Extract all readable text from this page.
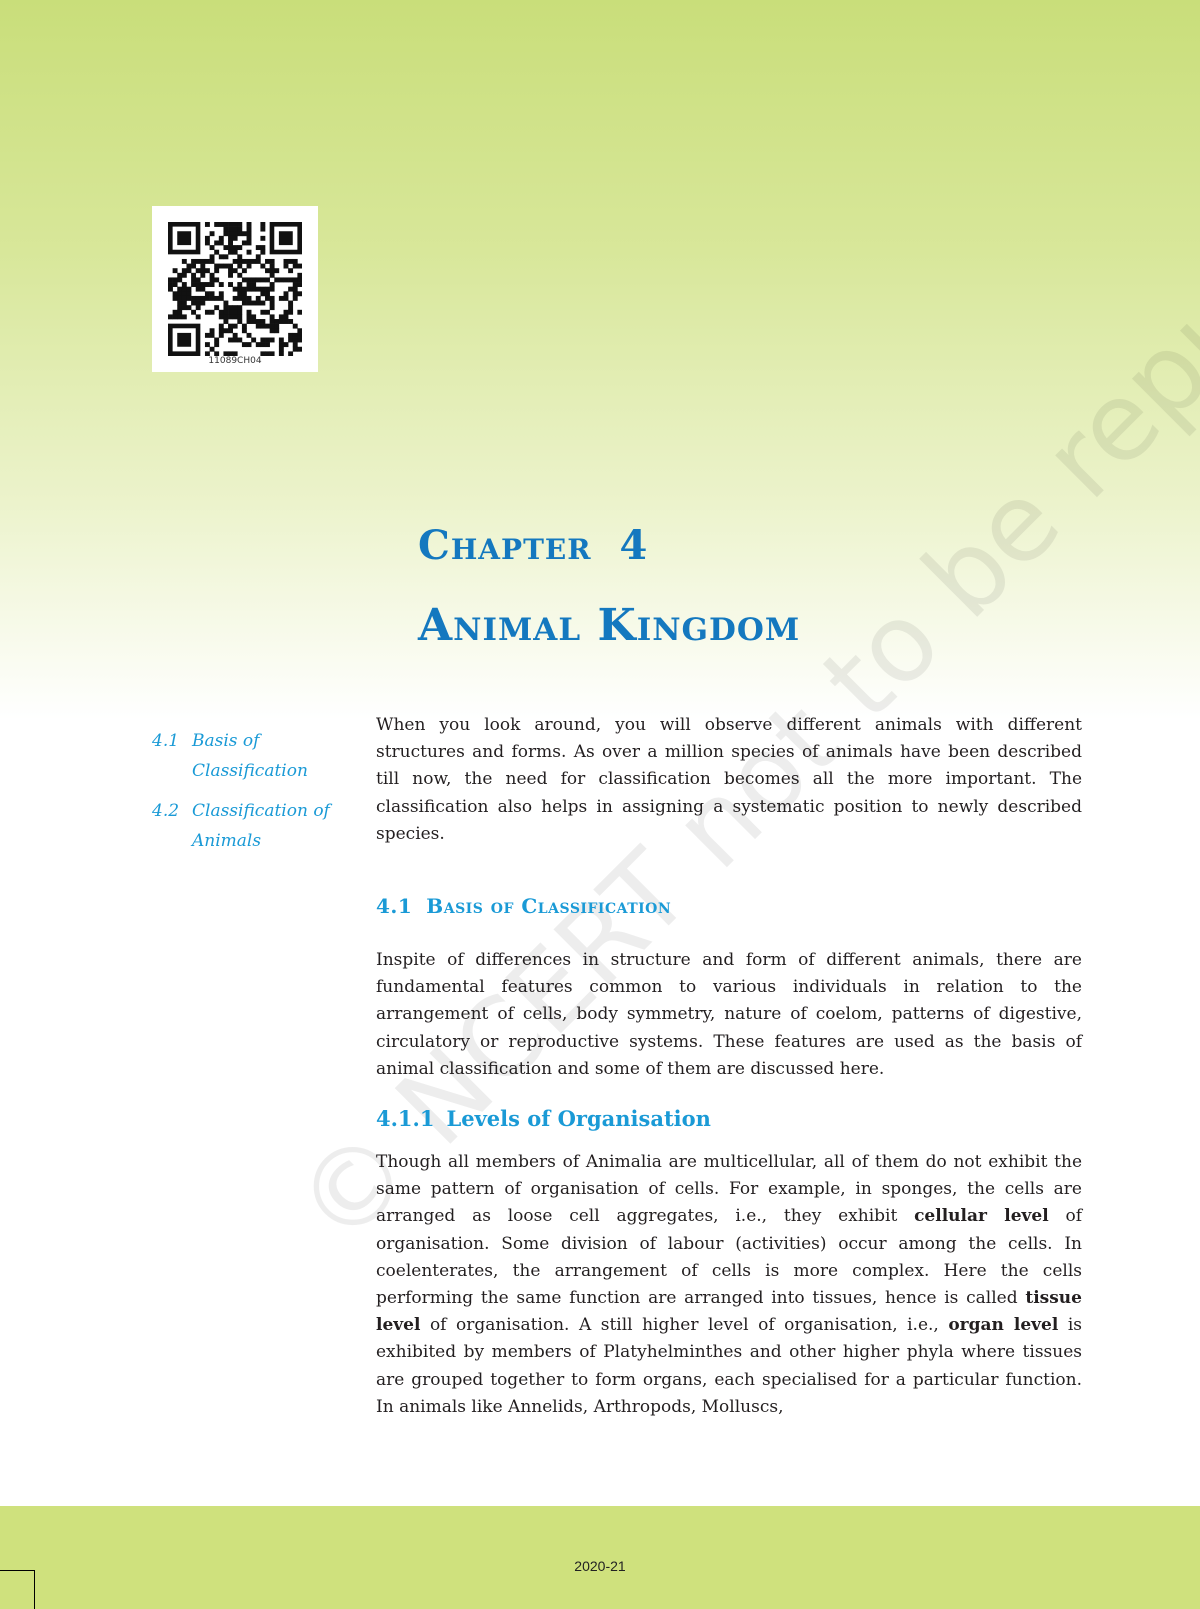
11089CH04
Chapter 4
Animal Kingdom
4.1 Basis of
Classification
4.2 Classification of
Animals

When you look around, you will observe different animals with different structures and forms. As over a million species of animals have been described till now, the need for classification becomes all the more important. The classification also helps in assigning a systematic position to newly described species.

4.1 Basis of Classification

Inspite of differences in structure and form of different animals, there are fundamental features common to various individuals in relation to the arrangement of cells, body symmetry, nature of coelom, patterns of digestive, circulatory or reproductive systems. These features are used as the basis of animal classification and some of them are discussed here.

4.1.1 Levels of Organisation

Though all members of Animalia are multicellular, all of them do not exhibit the same pattern of organisation of cells. For example, in sponges, the cells are arranged as loose cell aggregates, i.e., they exhibit cellular level of organisation. Some division of labour (activities) occur among the cells. In coelenterates, the arrangement of cells is more complex. Here the cells performing the same function are arranged into tissues, hence is called tissue level of organisation. A still higher level of organisation, i.e., organ level is exhibited by members of Platyhelminthes and other higher phyla where tissues are grouped together to form organs, each specialised for a particular function. In animals like Annelids, Arthropods, Molluscs,

2020-21
